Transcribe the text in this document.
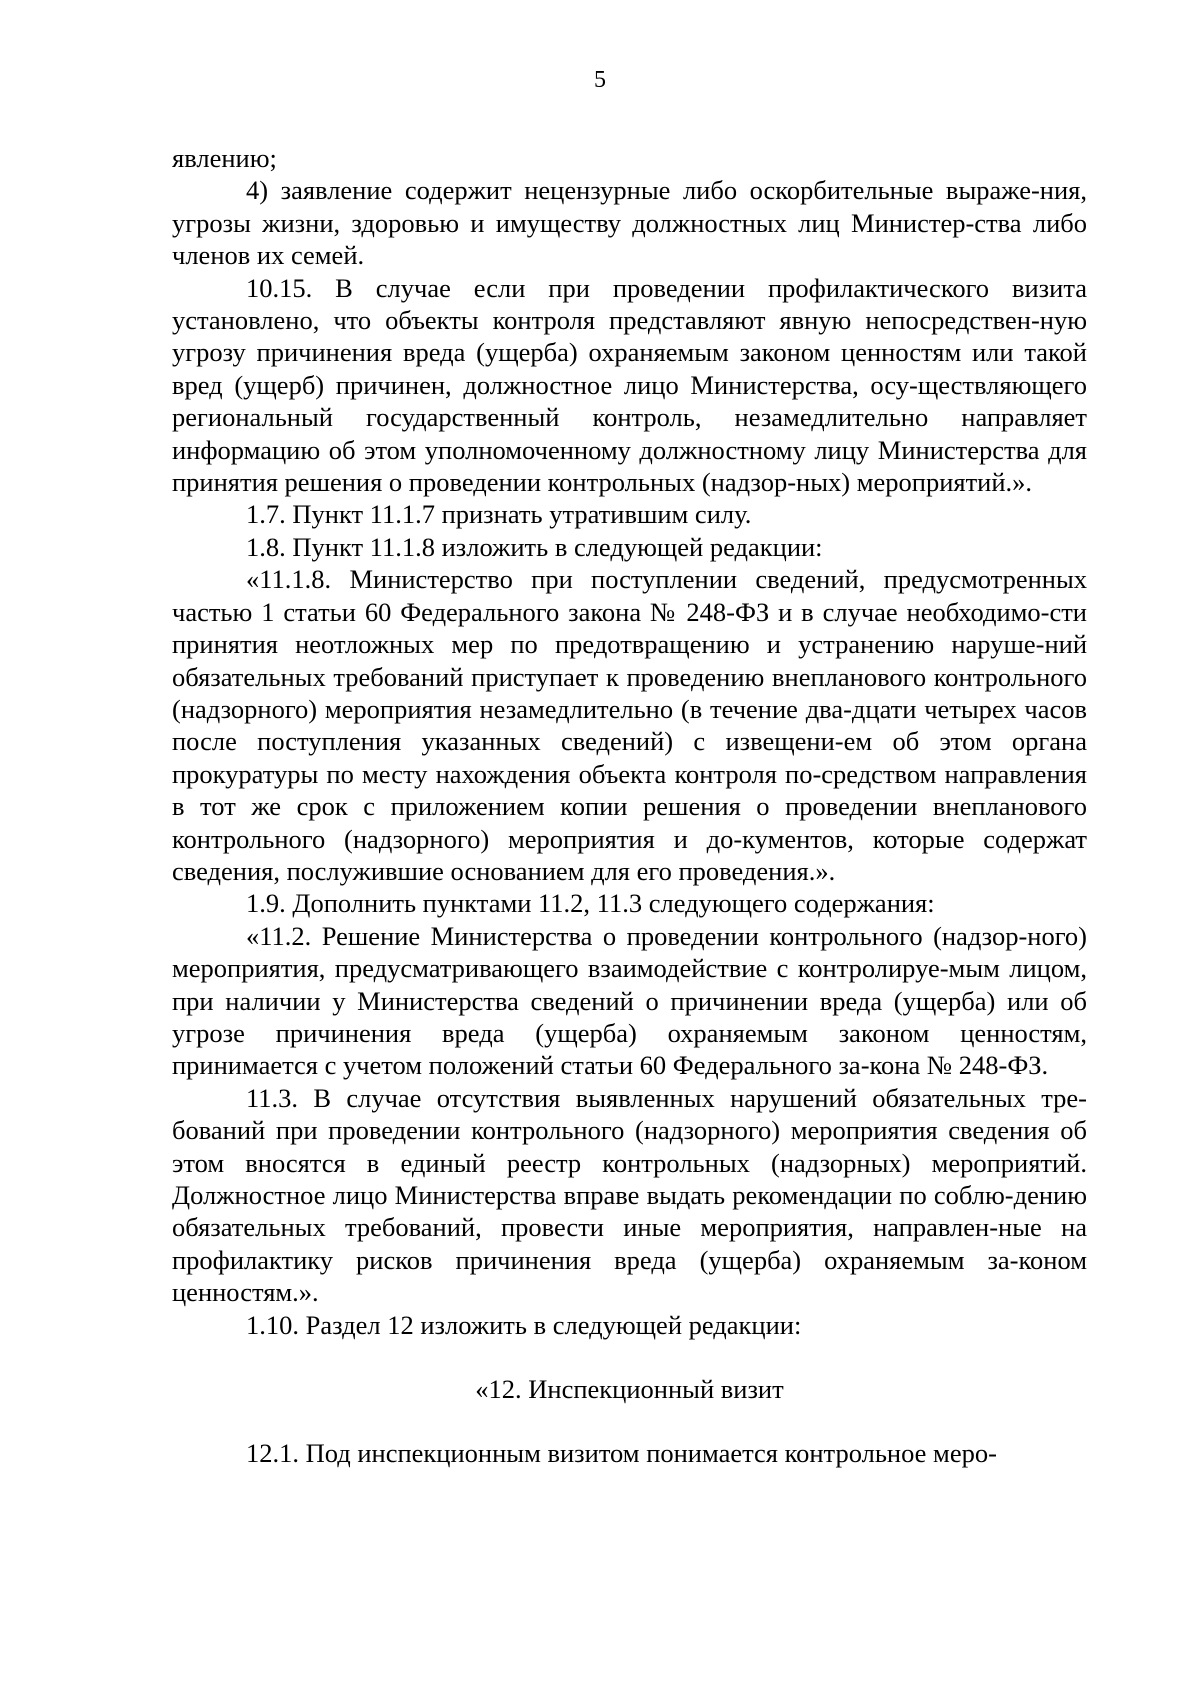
5

явлению;

4) заявление содержит нецензурные либо оскорбительные выраже-ния, угрозы жизни, здоровью и имуществу должностных лиц Министер-ства либо членов их семей.

10.15. В случае если при проведении профилактического визита установлено, что объекты контроля представляют явную непосредствен-ную угрозу причинения вреда (ущерба) охраняемым законом ценностям или такой вред (ущерб) причинен, должностное лицо Министерства, осу-ществляющего региональный государственный контроль, незамедлительно направляет информацию об этом уполномоченному должностному лицу Министерства для принятия решения о проведении контрольных (надзор-ных) мероприятий.».

1.7. Пункт 11.1.7 признать утратившим силу.

1.8. Пункт 11.1.8 изложить в следующей редакции:

«11.1.8. Министерство при поступлении сведений, предусмотренных частью 1 статьи 60 Федерального закона № 248-ФЗ и в случае необходимо-сти принятия неотложных мер по предотвращению и устранению наруше-ний обязательных требований приступает к проведению внепланового контрольного (надзорного) мероприятия незамедлительно (в течение два-дцати четырех часов после поступления указанных сведений) с извещени-ем об этом органа прокуратуры по месту нахождения объекта контроля по-средством направления в тот же срок с приложением копии решения о проведении внепланового контрольного (надзорного) мероприятия и до-кументов, которые содержат сведения, послужившие основанием для его проведения.».

1.9. Дополнить пунктами 11.2, 11.3 следующего содержания:

«11.2. Решение Министерства о проведении контрольного (надзор-ного) мероприятия, предусматривающего взаимодействие с контролируе-мым лицом, при наличии у Министерства сведений о причинении вреда (ущерба) или об угрозе причинения вреда (ущерба) охраняемым законом ценностям, принимается с учетом положений статьи 60 Федерального за-кона № 248-ФЗ.

11.3. В случае отсутствия выявленных нарушений обязательных тре-бований при проведении контрольного (надзорного) мероприятия сведения об этом вносятся в единый реестр контрольных (надзорных) мероприятий. Должностное лицо Министерства вправе выдать рекомендации по соблю-дению обязательных требований, провести иные мероприятия, направлен-ные на профилактику рисков причинения вреда (ущерба) охраняемым за-коном ценностям.».

1.10. Раздел 12 изложить в следующей редакции:

«12. Инспекционный визит

12.1. Под инспекционным визитом понимается контрольное меро-
